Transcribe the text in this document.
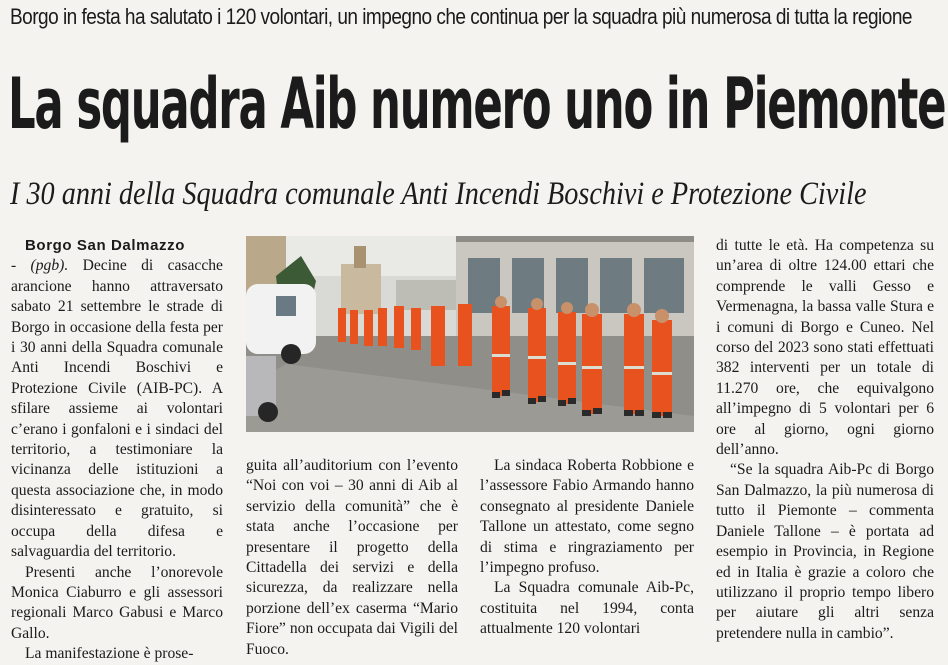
Borgo in festa ha salutato i 120 volontari, un impegno che continua per la squadra più numerosa di tutta la regione
La squadra Aib numero uno in Piemonte
I 30 anni della Squadra comunale Anti Incendi Boschivi e Protezione Civile

Borgo San Dalmazzo
- (pgb). Decine di casacche arancione hanno attraversato sabato 21 settembre le strade di Borgo in occasione della festa per i 30 anni della Squadra comunale Anti Incendi Boschivi e Protezione Civile (AIB-PC). A sfilare assieme ai volontari c’erano i gonfaloni e i sindaci del territorio, a testimoniare la vicinanza delle istituzioni a questa associazione che, in modo disinteressato e gratuito, si occupa della difesa e salvaguardia del territorio.

Presenti anche l’onorevole Monica Ciaburro e gli assessori regionali Marco Gabusi e Marco Gallo.

La manifestazione è prose-

guita all’auditorium con l’evento “Noi con voi – 30 anni di Aib al servizio della comunità” che è stata anche l’occasione per presentare il progetto della Cittadella dei servizi e della sicurezza, da realizzare nella porzione dell’ex caserma “Mario Fiore” non occupata dai Vigili del Fuoco.

La sindaca Roberta Robbione e l’assessore Fabio Armando hanno consegnato al presidente Daniele Tallone un attestato, come segno di stima e ringraziamento per l’impegno profuso.

La Squadra comunale Aib-Pc, costituita nel 1994, conta attualmente 120 volontari

di tutte le età. Ha competenza su un’area di oltre 124.00 ettari che comprende le valli Gesso e Vermenagna, la bassa valle Stura e i comuni di Borgo e Cuneo. Nel corso del 2023 sono stati effettuati 382 interventi per un totale di 11.270 ore, che equivalgono all’impegno di 5 volontari per 6 ore al giorno, ogni giorno dell’anno.

“Se la squadra Aib-Pc di Borgo San Dalmazzo, la più numerosa di tutto il Piemonte – commenta Daniele Tallone – è portata ad esempio in Provincia, in Regione ed in Italia è grazie a coloro che utilizzano il proprio tempo libero per aiutare gli altri senza pretendere nulla in cambio”.
